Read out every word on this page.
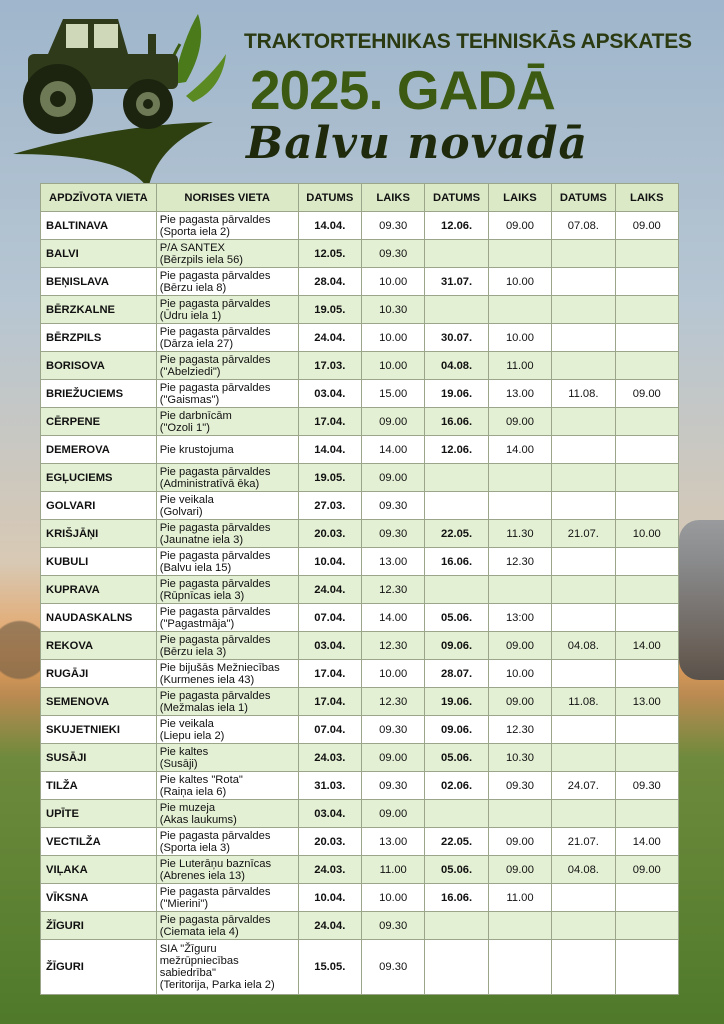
TRAKTORTEHNIKAS TEHNISKĀS APSKATES
2025. GADĀ
Balvu novadā
APDZĪVOTA VIETA	NORISES VIETA	DATUMS	LAIKS	DATUMS	LAIKS	DATUMS	LAIKS
BALTINAVA	Pie pagasta pārvaldes
(Sporta iela 2)	14.04.	09.30	12.06.	09.00	07.08.	09.00
BALVI	P/A SANTEX
(Bērzpils iela 56)	12.05.	09.30				
BEŅISLAVA	Pie pagasta pārvaldes
(Bērzu iela 8)	28.04.	10.00	31.07.	10.00		
BĒRZKALNE	Pie pagasta pārvaldes
(Ūdru iela 1)	19.05.	10.30				
BĒRZPILS	Pie pagasta pārvaldes
(Dārza iela 27)	24.04.	10.00	30.07.	10.00		
BORISOVA	Pie pagasta pārvaldes
("Abelziedi")	17.03.	10.00	04.08.	11.00		
BRIEŽUCIEMS	Pie pagasta pārvaldes
("Gaismas")	03.04.	15.00	19.06.	13.00	11.08.	09.00
CĒRPENE	Pie darbnīcām
("Ozoli 1")	17.04.	09.00	16.06.	09.00		
DEMEROVA	Pie krustojuma	14.04.	14.00	12.06.	14.00		
EGĻUCIEMS	Pie pagasta pārvaldes
(Administratīvā ēka)	19.05.	09.00				
GOLVARI	Pie veikala
(Golvari)	27.03.	09.30				
KRIŠJĀŅI	Pie pagasta pārvaldes
(Jaunatne iela 3)	20.03.	09.30	22.05.	11.30	21.07.	10.00
KUBULI	Pie pagasta pārvaldes
(Balvu iela 15)	10.04.	13.00	16.06.	12.30		
KUPRAVA	Pie pagasta pārvaldes
(Rūpnīcas iela 3)	24.04.	12.30				
NAUDASKALNS	Pie pagasta pārvaldes
("Pagastmāja")	07.04.	14.00	05.06.	13:00		
REKOVA	Pie pagasta pārvaldes
(Bērzu iela 3)	03.04.	12.30	09.06.	09.00	04.08.	14.00
RUGĀJI	Pie bijušās Mežniecības
(Kurmenes iela 43)	17.04.	10.00	28.07.	10.00		
SEMENOVA	Pie pagasta pārvaldes
(Mežmalas iela 1)	17.04.	12.30	19.06.	09.00	11.08.	13.00
SKUJETNIEKI	Pie veikala
(Liepu iela 2)	07.04.	09.30	09.06.	12.30		
SUSĀJI	Pie kaltes
(Susāji)	24.03.	09.00	05.06.	10.30		
TILŽA	Pie kaltes "Rota"
(Raiņa iela 6)	31.03.	09.30	02.06.	09.30	24.07.	09.30
UPĪTE	Pie muzeja
(Akas laukums)	03.04.	09.00				
VECTILŽA	Pie pagasta pārvaldes
(Sporta iela 3)	20.03.	13.00	22.05.	09.00	21.07.	14.00
VIĻAKA	Pie Luterāņu baznīcas
(Abrenes iela 13)	24.03.	11.00	05.06.	09.00	04.08.	09.00
VĪKSNA	Pie pagasta pārvaldes
("Mierini")	10.04.	10.00	16.06.	11.00		
ŽĪGURI	Pie pagasta pārvaldes
(Ciemata iela 4)	24.04.	09.30				
ŽĪGURI	SIA "Žīguru mežrūpniecības sabiedrība"
(Teritorija, Parka iela 2)	15.05.	09.30				
